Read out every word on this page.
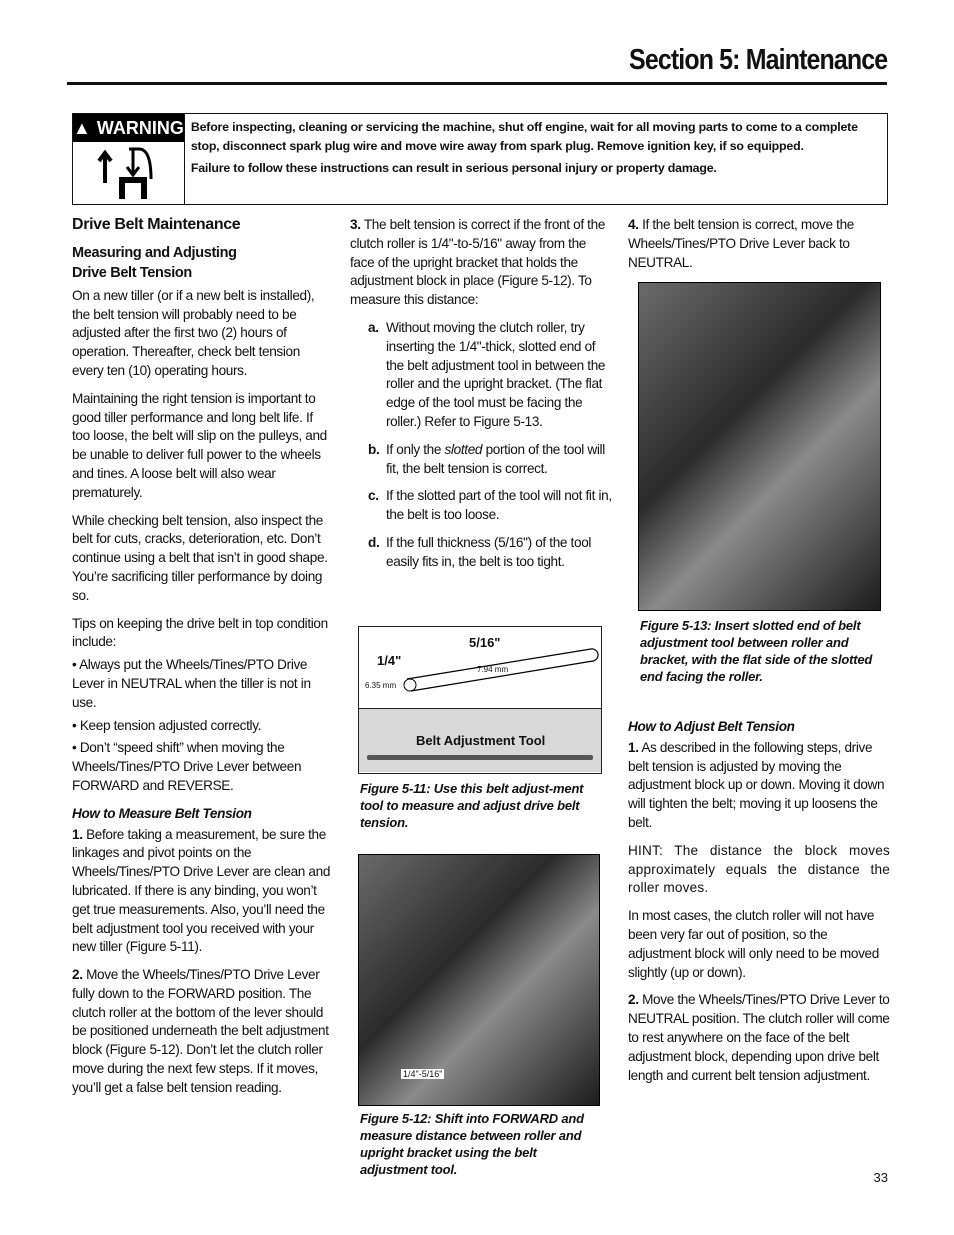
Section 5: Maintenance
▲ WARNING Before inspecting, cleaning or servicing the machine, shut off engine, wait for all moving parts to come to a complete stop, disconnect spark plug wire and move wire away from spark plug. Remove ignition key, if so equipped.

Failure to follow these instructions can result in serious personal injury or property damage.

Drive Belt Maintenance
Measuring and Adjusting Drive Belt Tension

On a new tiller (or if a new belt is installed), the belt tension will probably need to be adjusted after the first two (2) hours of operation. Thereafter, check belt tension every ten (10) operating hours.

Maintaining the right tension is important to good tiller performance and long belt life. If too loose, the belt will slip on the pulleys, and be unable to deliver full power to the wheels and tines. A loose belt will also wear prematurely.

While checking belt tension, also inspect the belt for cuts, cracks, deterioration, etc. Don’t continue using a belt that isn’t in good shape. You’re sacrificing tiller performance by doing so.

Tips on keeping the drive belt in top condition include:

• Always put the Wheels/Tines/PTO Drive Lever in NEUTRAL when the tiller is not in use.

• Keep tension adjusted correctly.

• Don’t “speed shift” when moving the Wheels/Tines/PTO Drive Lever between FORWARD and REVERSE.

How to Measure Belt Tension

1. Before taking a measurement, be sure the linkages and pivot points on the Wheels/Tines/PTO Drive Lever are clean and lubricated. If there is any binding, you won’t get true measurements. Also, you’ll need the belt adjustment tool you received with your new tiller (Figure 5-11).

2. Move the Wheels/Tines/PTO Drive Lever fully down to the FORWARD position. The clutch roller at the bottom of the lever should be positioned underneath the belt adjustment block (Figure 5-12). Don’t let the clutch roller move during the next few steps. If it moves, you’ll get a false belt tension reading.

3. The belt tension is correct if the front of the clutch roller is 1/4"-to-5/16" away from the face of the upright bracket that holds the adjustment block in place (Figure 5-12). To measure this distance:

a. Without moving the clutch roller, try inserting the 1/4"-thick, slotted end of the belt adjustment tool in between the roller and the upright bracket. (The flat edge of the tool must be facing the roller.) Refer to Figure 5-13.

b. If only the slotted portion of the tool will fit, the belt tension is correct.

c. If the slotted part of the tool will not fit in, the belt is too loose.

d. If the full thickness (5/16") of the tool easily fits in, the belt is too tight.

5/16"
1/4"
6.35 mm
7.94 mm
Belt Adjustment Tool
Figure 5-11: Use this belt adjust-ment tool to measure and adjust drive belt tension.
1/4"-5/16"
Figure 5-12: Shift into FORWARD and measure distance between roller and upright bracket using the belt adjustment tool.

4. If the belt tension is correct, move the Wheels/Tines/PTO Drive Lever back to NEUTRAL.

Figure 5-13: Insert slotted end of belt adjustment tool between roller and bracket, with the flat side of the slotted end facing the roller.
How to Adjust Belt Tension

1. As described in the following steps, drive belt tension is adjusted by moving the adjustment block up or down. Moving it down will tighten the belt; moving it up loosens the belt.

HINT: The distance the block moves approximately equals the distance the roller moves.

In most cases, the clutch roller will not have been very far out of position, so the adjustment block will only need to be moved slightly (up or down).

2. Move the Wheels/Tines/PTO Drive Lever to NEUTRAL position. The clutch roller will come to rest anywhere on the face of the belt adjustment block, depending upon drive belt length and current belt tension adjustment.

33
